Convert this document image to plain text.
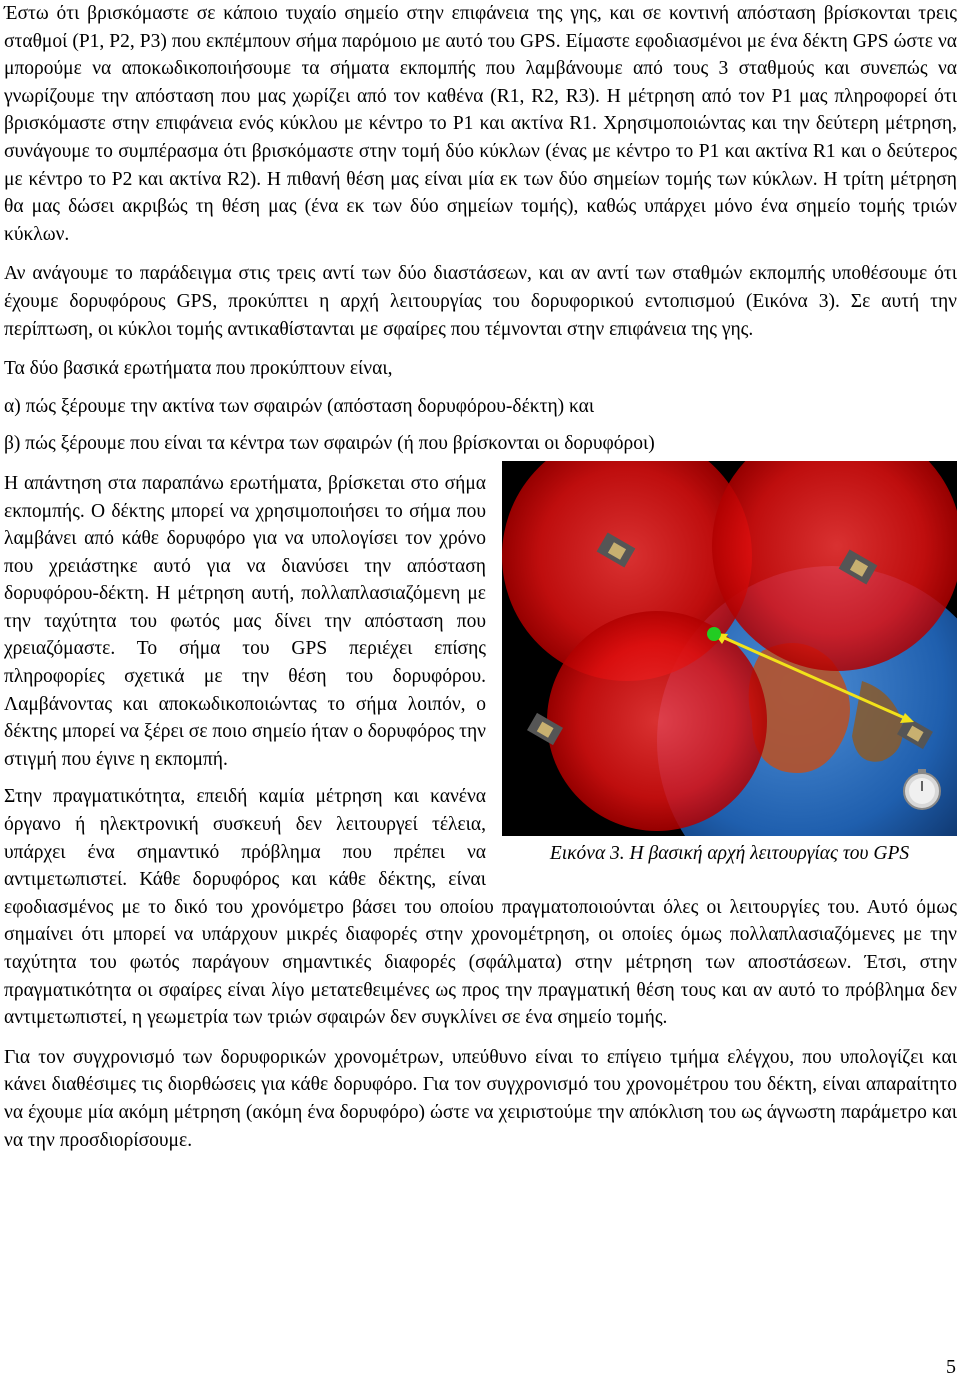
Έστω ότι βρισκόμαστε σε κάποιο τυχαίο σημείο στην επιφάνεια της γης, και σε κοντινή απόσταση βρίσκονται τρεις σταθμοί (P1, P2, P3) που εκπέμπουν σήμα παρόμοιο με αυτό του GPS. Είμαστε εφοδιασμένοι με ένα δέκτη GPS ώστε να μπορούμε να αποκωδικοποιήσουμε τα σήματα εκπομπής που λαμβάνουμε από τους 3 σταθμούς και συνεπώς να γνωρίζουμε την απόσταση που μας χωρίζει από τον καθένα (R1, R2, R3). Η μέτρηση από τον P1 μας πληροφορεί ότι βρισκόμαστε στην επιφάνεια ενός κύκλου με κέντρο το P1 και ακτίνα R1. Χρησιμοποιώντας και την δεύτερη μέτρηση, συνάγουμε το συμπέρασμα ότι βρισκόμαστε στην τομή δύο κύκλων (ένας με κέντρο το P1 και ακτίνα R1 και ο δεύτερος με κέντρο το P2 και ακτίνα R2). Η πιθανή θέση μας είναι μία εκ των δύο σημείων τομής των κύκλων. Η τρίτη μέτρηση θα μας δώσει ακριβώς τη θέση μας (ένα εκ των δύο σημείων τομής), καθώς υπάρχει μόνο ένα σημείο τομής τριών κύκλων.

Αν ανάγουμε το παράδειγμα στις τρεις αντί των δύο διαστάσεων, και αν αντί των σταθμών εκπομπής υποθέσουμε ότι έχουμε δορυφόρους GPS, προκύπτει η αρχή λειτουργίας του δορυφορικού εντοπισμού (Εικόνα 3). Σε αυτή την περίπτωση, οι κύκλοι τομής αντικαθίστανται με σφαίρες που τέμνονται στην επιφάνεια της γης.

Τα δύο βασικά ερωτήματα που προκύπτουν είναι,

α) πώς ξέρουμε την ακτίνα των σφαιρών (απόσταση δορυφόρου-δέκτη) και

β) πώς ξέρουμε που είναι τα κέντρα των σφαιρών (ή που βρίσκονται οι δορυφόροι)

Εικόνα 3. Η βασική αρχή λειτουργίας του GPS

Η απάντηση στα παραπάνω ερωτήματα, βρίσκεται στο σήμα εκπομπής. Ο δέκτης μπορεί να χρησιμοποιήσει το σήμα που λαμβάνει από κάθε δορυφόρο για να υπολογίσει τον χρόνο που χρειάστηκε αυτό για να διανύσει την απόσταση δορυφόρου-δέκτη. Η μέτρηση αυτή, πολλαπλασιαζόμενη με την ταχύτητα του φωτός μας δίνει την απόσταση που χρειαζόμαστε. Το σήμα του GPS περιέχει επίσης πληροφορίες σχετικά με την θέση του δορυφόρου. Λαμβάνοντας και αποκωδικοποιώντας το σήμα λοιπόν, ο δέκτης μπορεί να ξέρει σε ποιο σημείο ήταν ο δορυφόρος την στιγμή που έγινε η εκπομπή.

Στην πραγματικότητα, επειδή καμία μέτρηση και κανένα όργανο ή ηλεκτρονική συσκευή δεν λειτουργεί τέλεια, υπάρχει ένα σημαντικό πρόβλημα που πρέπει να αντιμετωπιστεί. Κάθε δορυφόρος και κάθε δέκτης, είναι εφοδιασμένος με το δικό του χρονόμετρο βάσει του οποίου πραγματοποιούνται όλες οι λειτουργίες του. Αυτό όμως σημαίνει ότι μπορεί να υπάρχουν μικρές διαφορές στην χρονομέτρηση, οι οποίες όμως πολλαπλασιαζόμενες με την ταχύτητα του φωτός παράγουν σημαντικές διαφορές (σφάλματα) στην μέτρηση των αποστάσεων. Έτσι, στην πραγματικότητα οι σφαίρες είναι λίγο μετατεθειμένες ως προς την πραγματική θέση τους και αν αυτό το πρόβλημα δεν αντιμετωπιστεί, η γεωμετρία των τριών σφαιρών δεν συγκλίνει σε ένα σημείο τομής.

Για τον συγχρονισμό των δορυφορικών χρονομέτρων, υπεύθυνο είναι το επίγειο τμήμα ελέγχου, που υπολογίζει και κάνει διαθέσιμες τις διορθώσεις για κάθε δορυφόρο. Για τον συγχρονισμό του χρονομέτρου του δέκτη, είναι απαραίτητο να έχουμε μία ακόμη μέτρηση (ακόμη ένα δορυφόρο) ώστε να χειριστούμε την απόκλιση του ως άγνωστη παράμετρο και να την προσδιορίσουμε.

5
